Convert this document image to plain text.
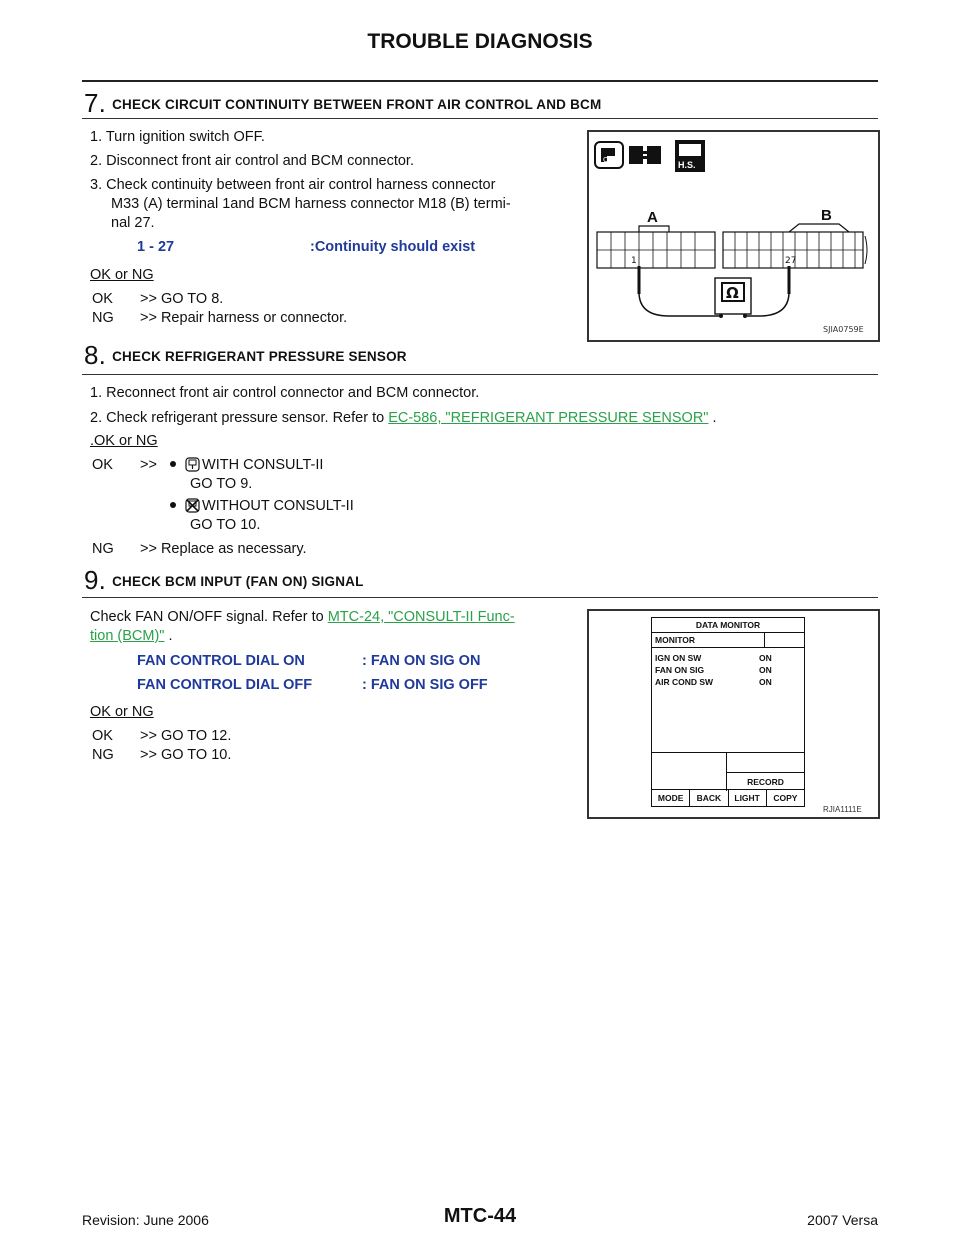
TROUBLE DIAGNOSIS
7. CHECK CIRCUIT CONTINUITY BETWEEN FRONT AIR CONTROL AND BCM
1. Turn ignition switch OFF.
2. Disconnect front air control and BCM connector.
3. Check continuity between front air control harness connector
M33 (A) terminal 1and BCM harness connector M18 (B) termi-
nal 27.
1 - 27	:Continuity should exist
OK or NG
OK >> GO TO 8.
NG >> Repair harness or connector.
OFF	H.S.
A	B
1	27
Ω
SJIA0759E
8. CHECK REFRIGERANT PRESSURE SENSOR
1. Reconnect front air control connector and BCM connector.
2. Check refrigerant pressure sensor. Refer to EC-586, "REFRIGERANT PRESSURE SENSOR" .
.OK or NG
OK >>	WITH CONSULT-II
GO TO 9.
WITHOUT CONSULT-II
GO TO 10.
NG >> Replace as necessary.
9. CHECK BCM INPUT (FAN ON) SIGNAL
Check FAN ON/OFF signal. Refer to MTC-24, "CONSULT-II Func-
tion (BCM)" .
FAN CONTROL DIAL ON	: FAN ON SIG ON
FAN CONTROL DIAL OFF	: FAN ON SIG OFF
OK or NG
OK >> GO TO 12.
NG >> GO TO 10.
DATA MONITOR
MONITOR
IGN ON SW	ON
FAN ON SIG	ON
AIR COND SW	ON
RECORD
MODE	BACK	LIGHT	COPY
RJIA1111E
Revision: June 2006	MTC-44	2007 Versa
